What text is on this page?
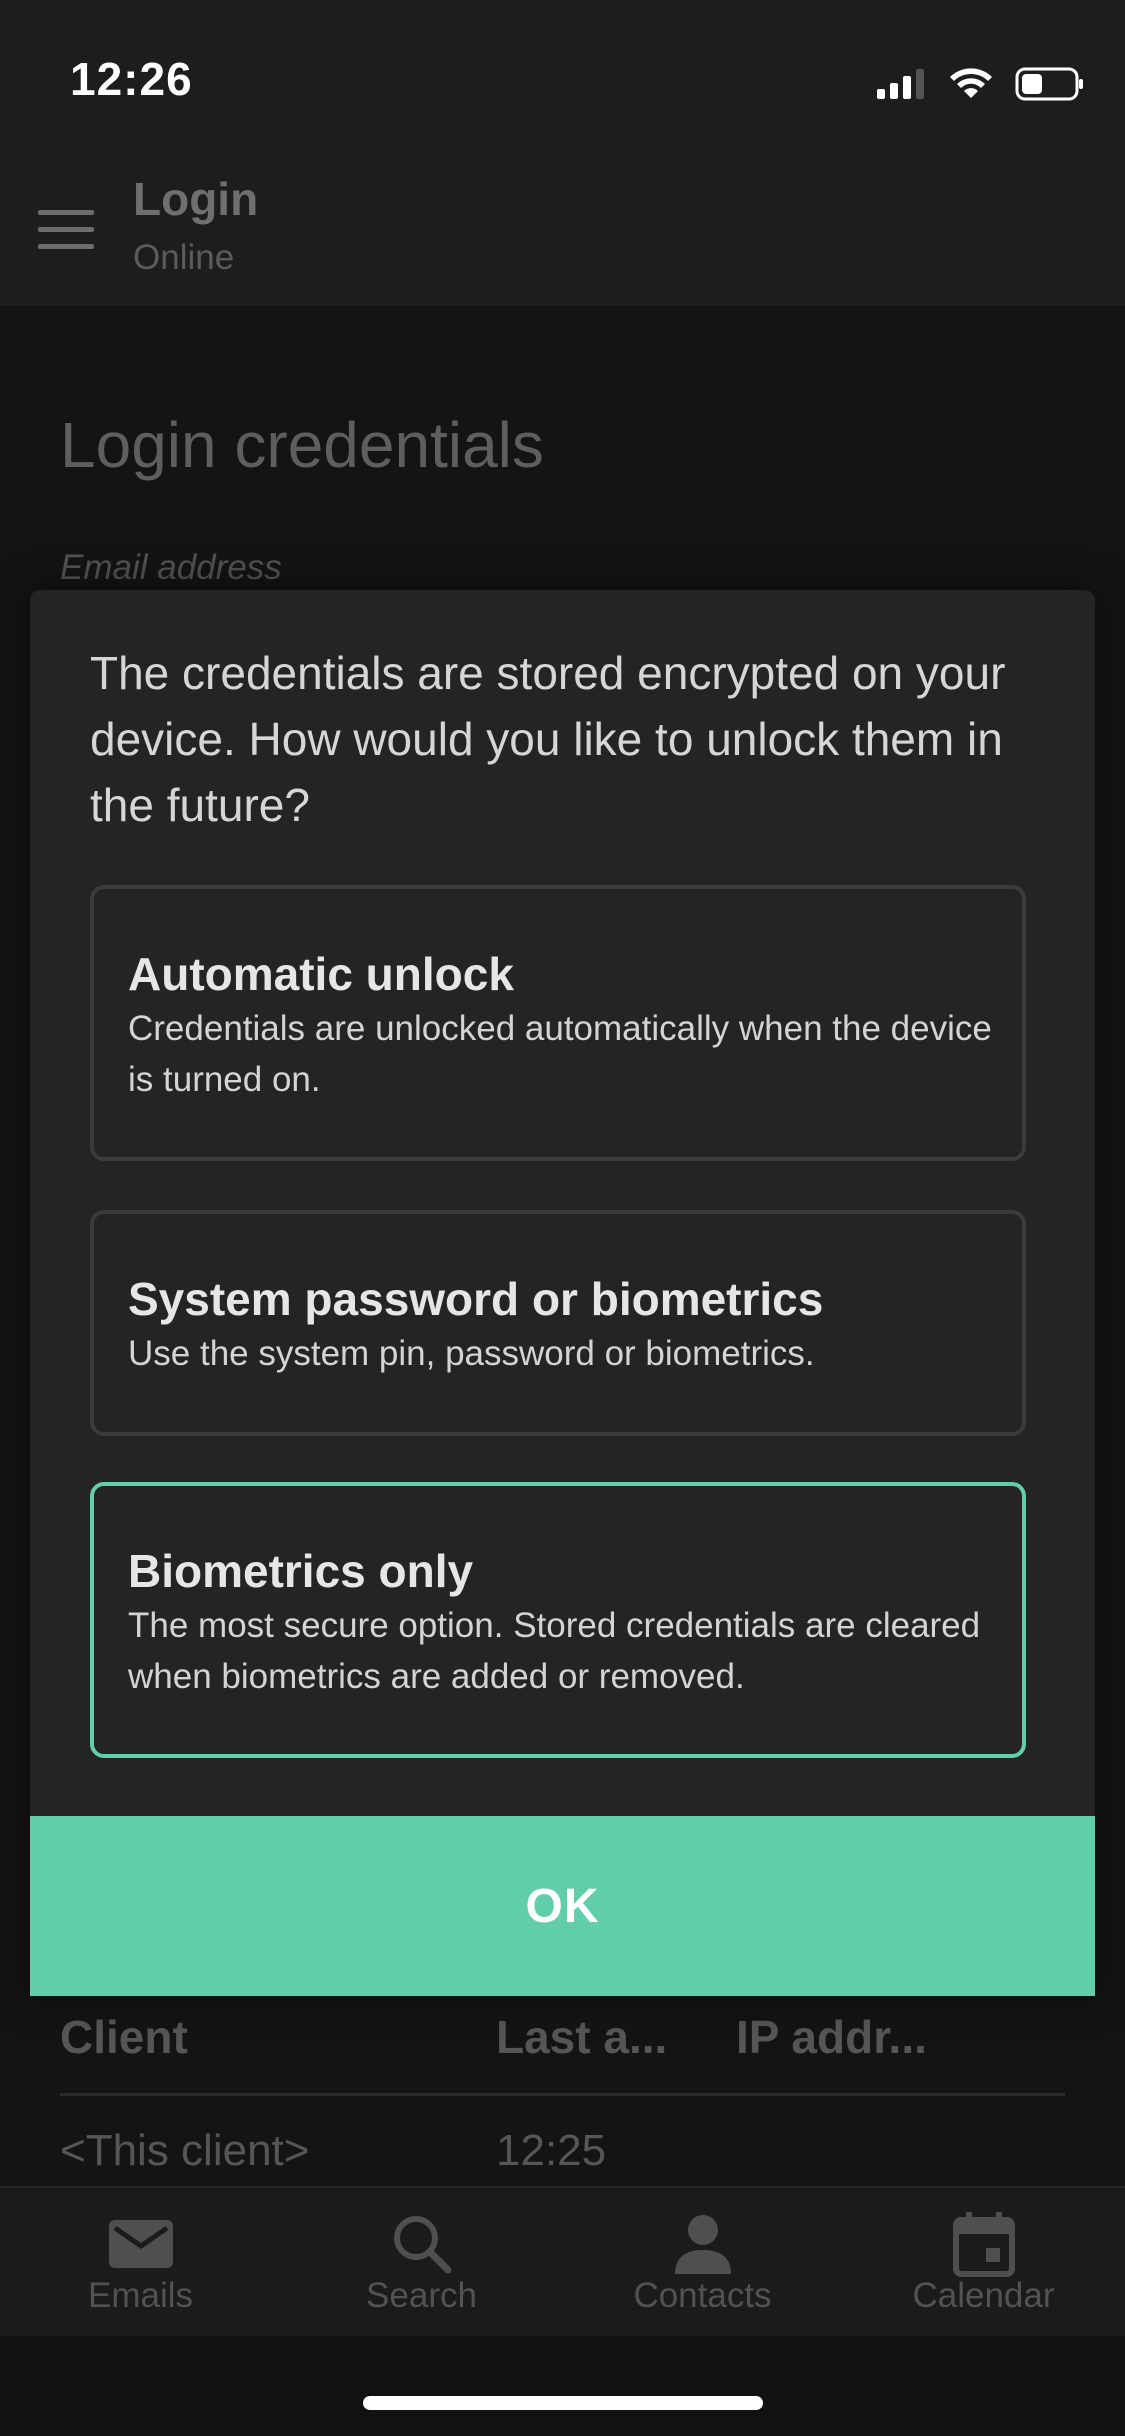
12:26
Login
Online
Login credentials
Email address
Client	Last a... IP addr...
<This client>	12:25
The credentials are stored encrypted on your device. How would you like to unlock them in the future?
Automatic unlock
Credentials are unlocked automatically when the device is turned on.
System password or biometrics
Use the system pin, password or biometrics.
Biometrics only
The most secure option. Stored credentials are cleared when biometrics are added or removed.
OK
Emails	Search	Contacts	Calendar
